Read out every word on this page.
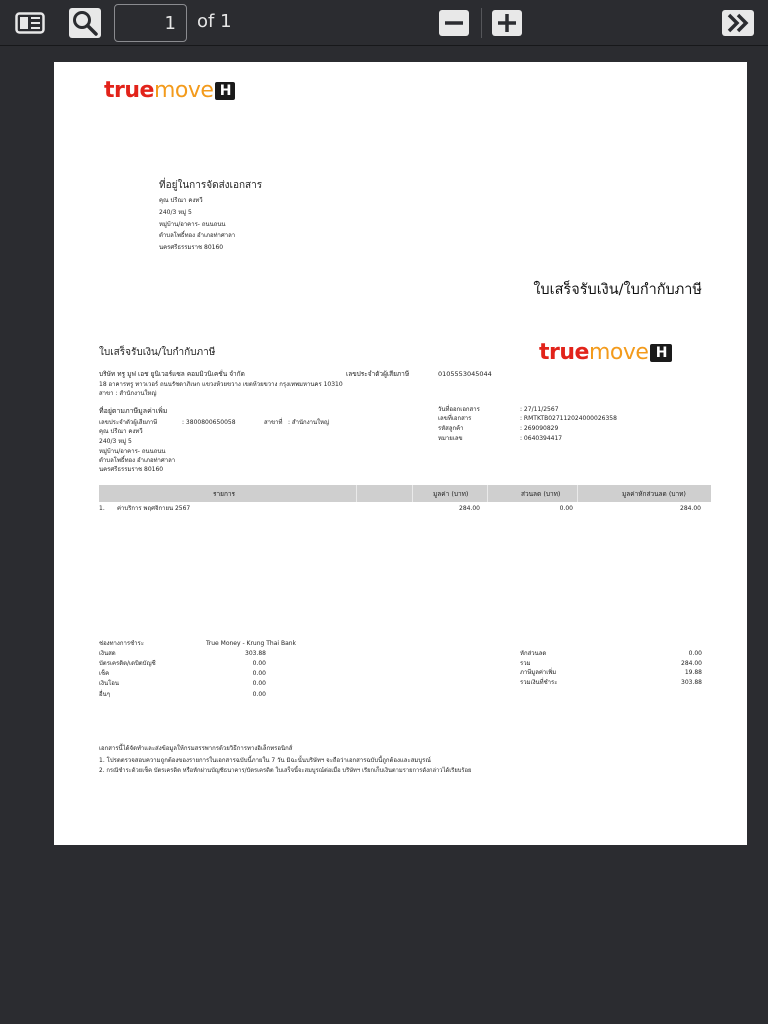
1
of 1
true move H
ที่อยู่ในการจัดส่งเอกสาร
คุณ ปรีณา คงทวี
240/3 หมู่ 5
หมู่บ้าน/อาคาร- ถนนถนน
ตำบลโพธิ์ทอง อำเภอท่าศาลา
นครศรีธรรมราช 80160
ใบเสร็จรับเงิน/ใบกำกับภาษี
ใบเสร็จรับเงิน/ใบกำกับภาษี	true move H
บริษัท ทรู มูฟ เอช ยูนิเวอร์แซล คอมมิวนิเคชั่น จำกัด	เลขประจำตัวผู้เสียภาษี	0105553045044
18 อาคารทรู ทาวเวอร์ ถนนรัชดาภิเษก แขวงห้วยขวาง เขตห้วยขวาง กรุงเทพมหานคร 10310
สาขา : สำนักงานใหญ่
ที่อยู่ตามภาษีมูลค่าเพิ่ม
เลขประจำตัวผู้เสียภาษี	: 3800800650058	สาขาที่ : สำนักงานใหญ่
คุณ ปรีณา คงทวี
240/3 หมู่ 5
หมู่บ้าน/อาคาร- ถนนถนน
ตำบลโพธิ์ทอง อำเภอท่าศาลา
นครศรีธรรมราช 80160
วันที่ออกเอกสาร	: 27/11/2567
เลขที่เอกสาร	: RMTKTB027112024000026358
รหัสลูกค้า	: 269090829
หมายเลข	: 0640394417
รายการ	มูลค่า (บาท)	ส่วนลด (บาท)	มูลค่าหักส่วนลด (บาท)
1. ค่าบริการ พฤศจิกายน 2567	284.00	0.00	284.00
ช่องทางการชำระ	True Money - Krung Thai Bank
เงินสด	303.88
บัตรเครดิต/เดบิตบัญชี	0.00
เช็ค	0.00
เงินโอน	0.00
อื่นๆ	0.00
หักส่วนลด	0.00
รวม	284.00
ภาษีมูลค่าเพิ่ม	19.88
รวมเงินที่ชำระ	303.88
เอกสารนี้ได้จัดทำและส่งข้อมูลให้กรมสรรพากรด้วยวิธีการทางอิเล็กทรอนิกส์
1. โปรดตรวจสอบความถูกต้องของรายการในเอกสารฉบับนี้ภายใน 7 วัน มิฉะนั้นบริษัทฯ จะถือว่าเอกสารฉบับนี้ถูกต้องและสมบูรณ์
2. กรณีชำระด้วยเช็ค บัตรเครดิต หรือหักผ่านบัญชีธนาคาร/บัตรเครดิต ใบเสร็จนี้จะสมบูรณ์ต่อเมื่อ บริษัทฯ เรียกเก็บเงินตามรายการดังกล่าวได้เรียบร้อย
